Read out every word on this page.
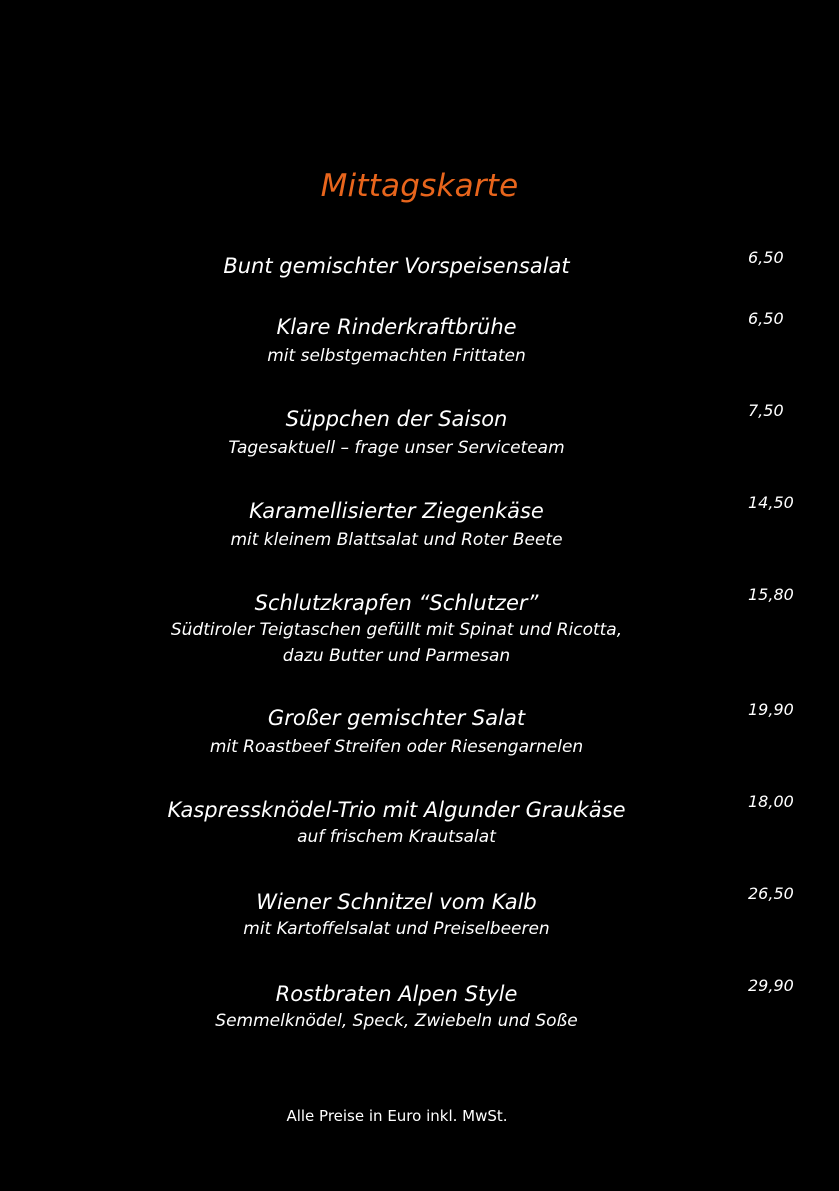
Mittagskarte
Bunt gemischter Vorspeisensalat	6,50
Klare Rinderkraftbrühe
mit selbstgemachten Frittaten
6,50
Süppchen der Saison
Tagesaktuell – frage unser Serviceteam
7,50
Karamellisierter Ziegenkäse
mit kleinem Blattsalat und Roter Beete
14,50
Schlutzkrapfen “Schlutzer”
Südtiroler Teigtaschen gefüllt mit Spinat und Ricotta,
dazu Butter und Parmesan
15,80
Großer gemischter Salat
mit Roastbeef Streifen oder Riesengarnelen
19,90
Kaspressknödel-Trio mit Algunder Graukäse
auf frischem Krautsalat
18,00
Wiener Schnitzel vom Kalb
mit Kartoffelsalat und Preiselbeeren
26,50
Rostbraten Alpen Style
Semmelknödel, Speck, Zwiebeln und Soße
29,90
Alle Preise in Euro inkl. MwSt.
